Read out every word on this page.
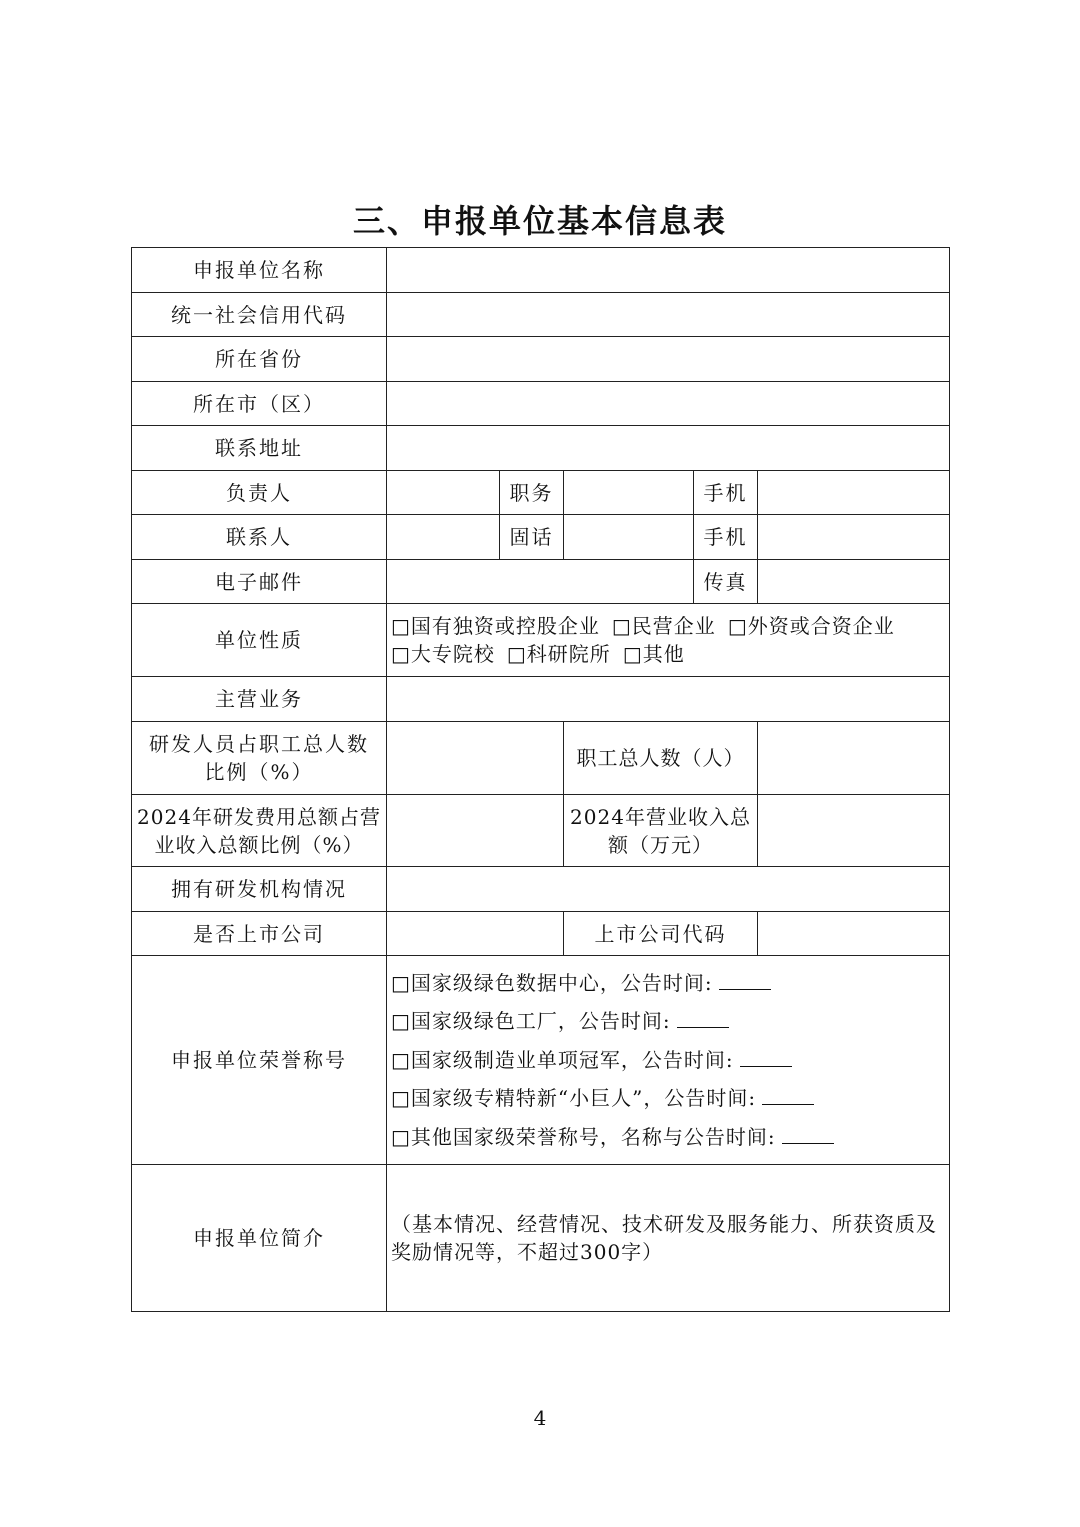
三、申报单位基本信息表
申报单位名称					
统一社会信用代码					
所在省份					
所在市（区）					
联系地址					
负责人		职务		手机	
联系人		固话		手机	
电子邮件				传真	
单位性质	□国有独资或控股企业 □民营企业 □外资或合资企业
□大专院校 □科研院所 □其他				

主营业务					
研发人员占职工总人数比例（%）			职工总人数（人）		
2024年研发费用总额占营业收入总额比例（%）			2024年营业收入总额（万元）		
拥有研发机构情况					
是否上市公司			上市公司代码		
申报单位荣誉称号	□国家级绿色数据中心，公告时间:
□国家级绿色工厂，公告时间:
□国家级制造业单项冠军，公告时间:
□国家级专精特新“小巨人”，公告时间:
□其他国家级荣誉称号，名称与公告时间:				

申报单位简介	（基本情况、经营情况、技术研发及服务能力、所获资质及奖励情况等，不超过300字）				
4
